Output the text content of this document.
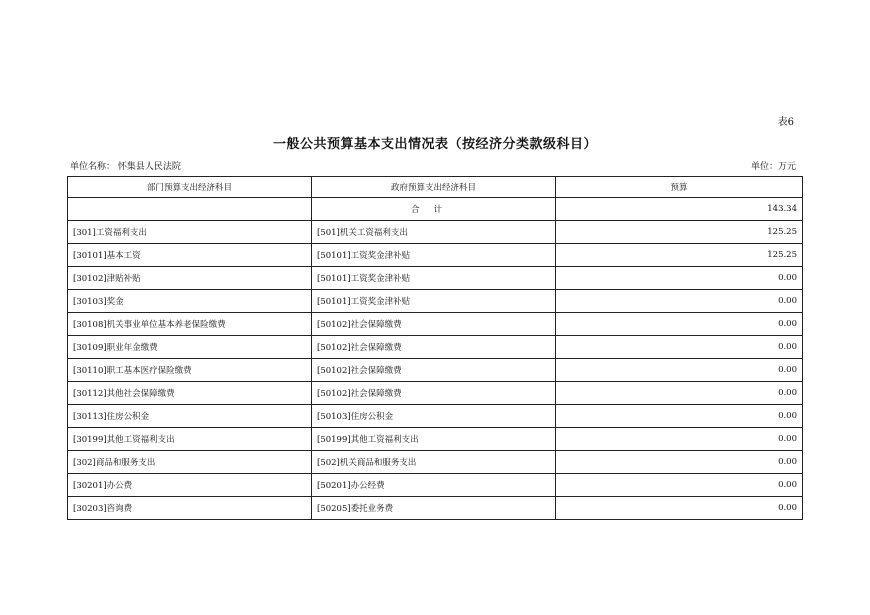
表6
一般公共预算基本支出情况表（按经济分类款级科目）
单位名称： 怀集县人民法院	单位：万元
部门预算支出经济科目	政府预算支出经济科目	预算
	合计	143.34
[301]工资福利支出	[501]机关工资福利支出	125.25
[30101]基本工资	[50101]工资奖金津补贴	125.25
[30102]津贴补贴	[50101]工资奖金津补贴	0.00
[30103]奖金	[50101]工资奖金津补贴	0.00
[30108]机关事业单位基本养老保险缴费	[50102]社会保障缴费	0.00
[30109]职业年金缴费	[50102]社会保障缴费	0.00
[30110]职工基本医疗保险缴费	[50102]社会保障缴费	0.00
[30112]其他社会保障缴费	[50102]社会保障缴费	0.00
[30113]住房公积金	[50103]住房公积金	0.00
[30199]其他工资福利支出	[50199]其他工资福利支出	0.00
[302]商品和服务支出	[502]机关商品和服务支出	0.00
[30201]办公费	[50201]办公经费	0.00
[30203]咨询费	[50205]委托业务费	0.00
